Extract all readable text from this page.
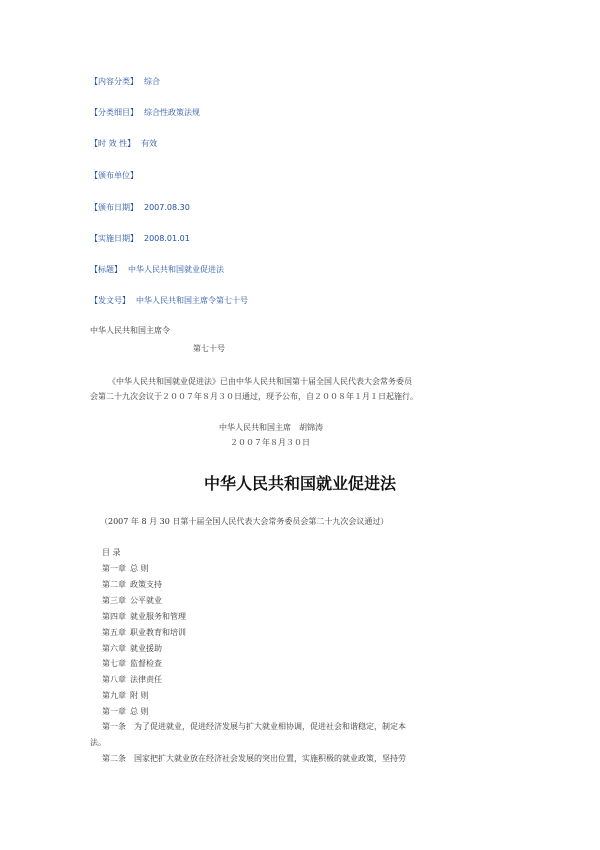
【内容分类】 综合
【分类细目】 综合性政策法规
【时 效 性】 有效
【颁布单位】
【颁布日期】 2007.08.30
【实施日期】 2008.01.01
【标题】 中华人民共和国就业促进法
【发文号】 中华人民共和国主席令第七十号
中华人民共和国主席令
第七十号
《中华人民共和国就业促进法》已由中华人民共和国第十届全国人民代表大会常务委员
会第二十九次会议于２００７年８月３０日通过，现予公布，自２００８年１月１日起施行。
中华人民共和国主席　胡锦涛
２００７年８月３０日
中华人民共和国就业促进法
（2007 年 8 月 30 日第十届全国人民代表大会常务委员会第二十九次会议通过）
目 录
第一章 总 则
第二章 政策支持
第三章 公平就业
第四章 就业服务和管理
第五章 职业教育和培训
第六章 就业援助
第七章 监督检查
第八章 法律责任
第九章 附 则
第一章 总 则
第一条　为了促进就业，促进经济发展与扩大就业相协调，促进社会和谐稳定，制定本
法。
第二条　国家把扩大就业放在经济社会发展的突出位置，实施积极的就业政策，坚持劳
